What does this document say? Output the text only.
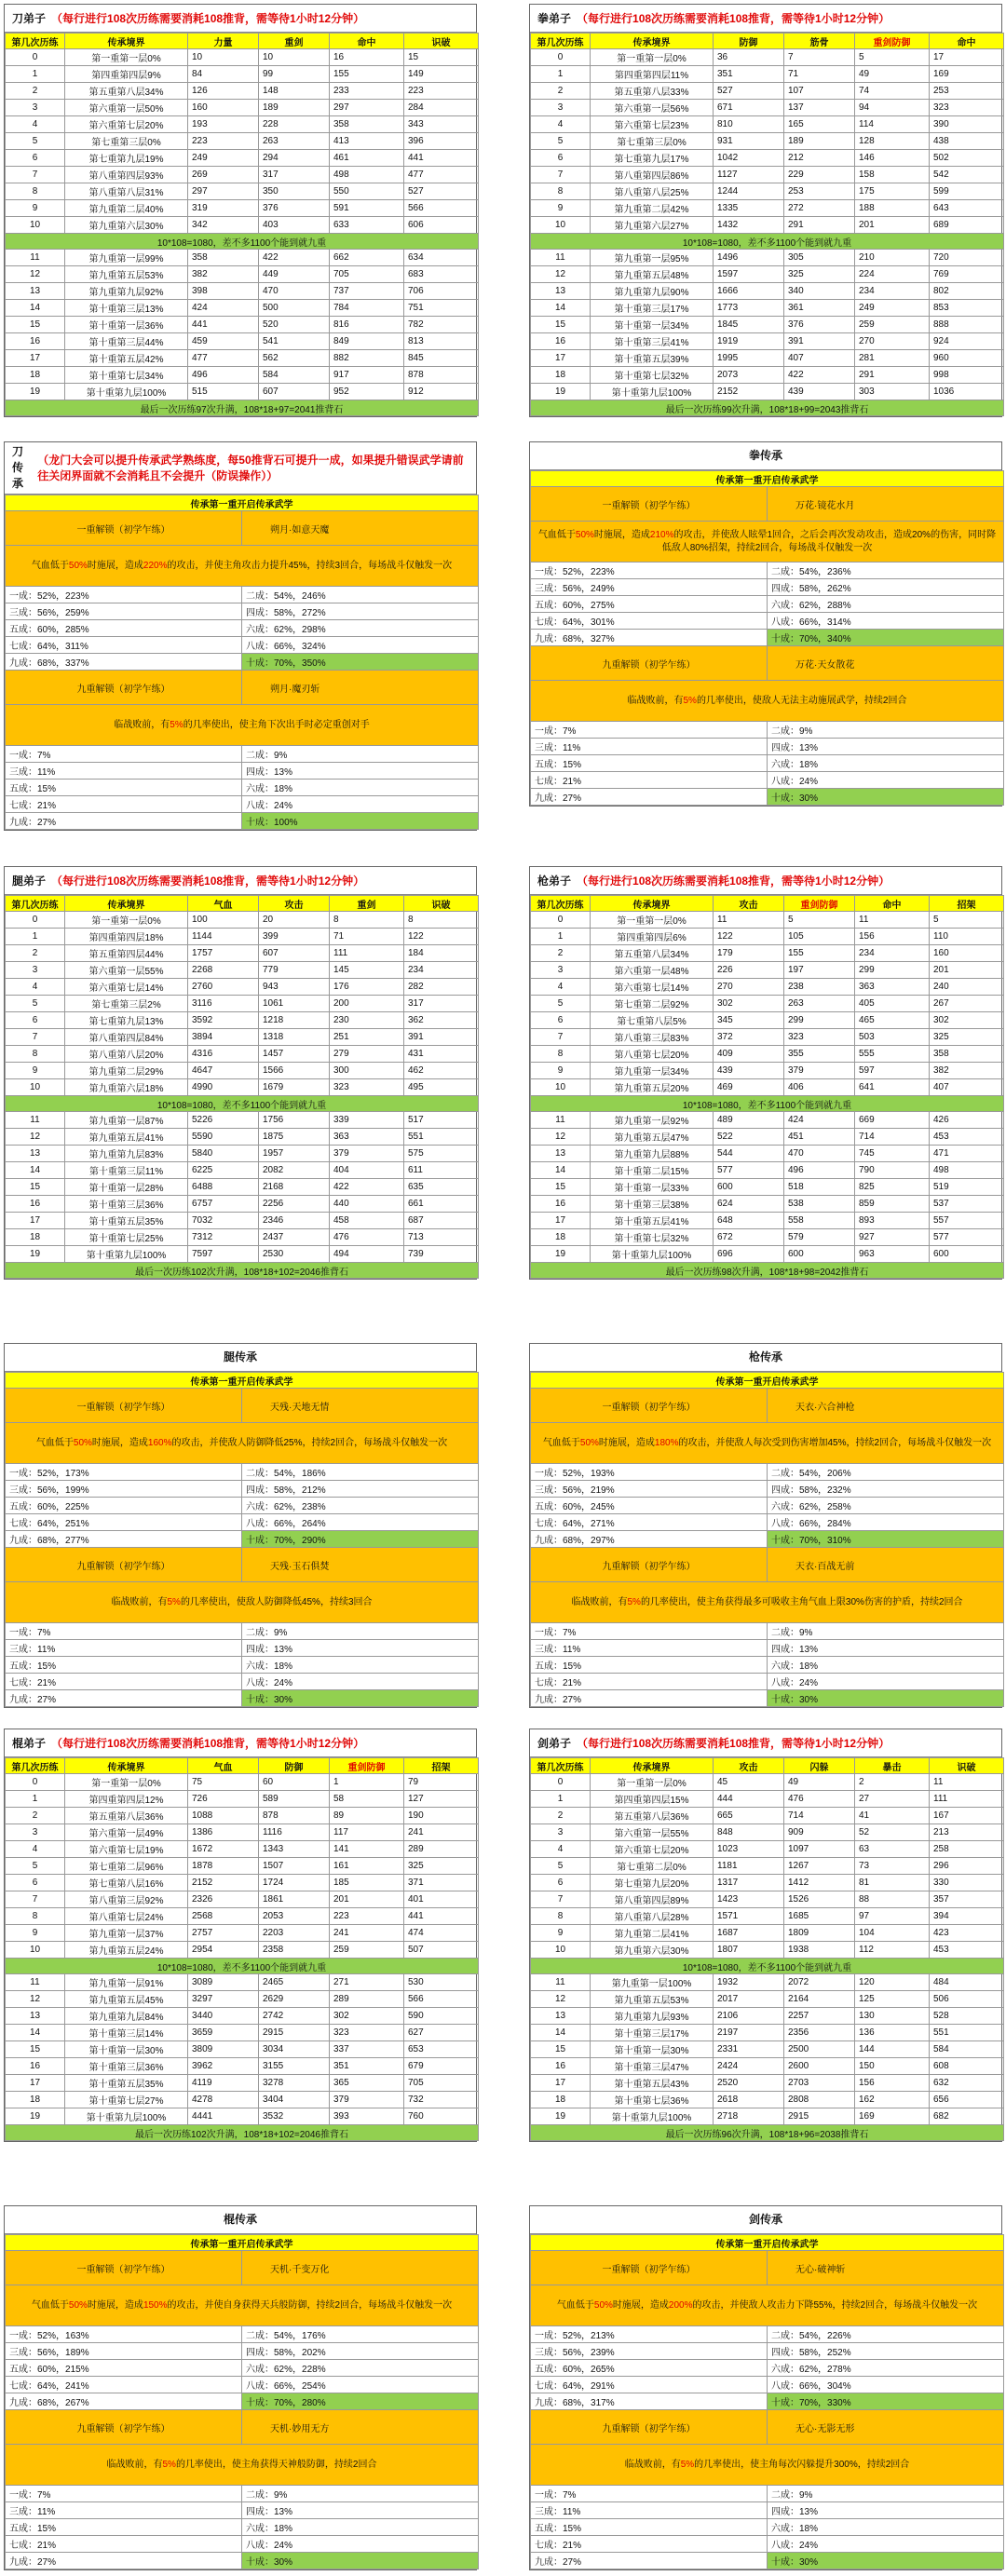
刀弟子 （每行进行108次历练需要消耗108推背，需等待1小时12分钟）
第几次历练	传承境界	力量	重剑	命中	识破
0	第一重第一层0%	10	10	16	15
1	第四重第四层9%	84	99	155	149
2	第五重第八层34%	126	148	233	223
3	第六重第一层50%	160	189	297	284
4	第六重第七层20%	193	228	358	343
5	第七重第三层0%	223	263	413	396
6	第七重第九层19%	249	294	461	441
7	第八重第四层93%	269	317	498	477
8	第八重第八层31%	297	350	550	527
9	第九重第二层40%	319	376	591	566
10	第九重第六层30%	342	403	633	606
10*108=1080，差不多1100个能到就九重					
11	第九重第一层99%	358	422	662	634
12	第九重第五层53%	382	449	705	683
13	第九重第九层92%	398	470	737	706
14	第十重第三层13%	424	500	784	751
15	第十重第一层36%	441	520	816	782
16	第十重第三层44%	459	541	849	813
17	第十重第五层42%	477	562	882	845
18	第十重第七层34%	496	584	917	878
19	第十重第九层100%	515	607	952	912
最后一次历练97次升满，108*18+97=2041推背石					
拳弟子 （每行进行108次历练需要消耗108推背，需等待1小时12分钟）
第几次历练	传承境界	防御	筋骨	重剑防御	命中
0	第一重第一层0%	36	7	5	17
1	第四重第四层11%	351	71	49	169
2	第五重第八层33%	527	107	74	253
3	第六重第一层56%	671	137	94	323
4	第六重第七层23%	810	165	114	390
5	第七重第三层0%	931	189	128	438
6	第七重第九层17%	1042	212	146	502
7	第八重第四层86%	1127	229	158	542
8	第八重第八层25%	1244	253	175	599
9	第九重第二层42%	1335	272	188	643
10	第九重第六层27%	1432	291	201	689
10*108=1080，差不多1100个能到就九重					
11	第九重第一层95%	1496	305	210	720
12	第九重第五层48%	1597	325	224	769
13	第九重第九层90%	1666	340	234	802
14	第十重第三层17%	1773	361	249	853
15	第十重第一层34%	1845	376	259	888
16	第十重第三层41%	1919	391	270	924
17	第十重第五层39%	1995	407	281	960
18	第十重第七层32%	2073	422	291	998
19	第十重第九层100%	2152	439	303	1036
最后一次历练99次升满，108*18+99=2043推背石					
腿弟子 （每行进行108次历练需要消耗108推背，需等待1小时12分钟）
第几次历练	传承境界	气血	攻击	重剑	识破
0	第一重第一层0%	100	20	8	8
1	第四重第四层18%	1144	399	71	122
2	第五重第四层44%	1757	607	111	184
3	第六重第一层55%	2268	779	145	234
4	第六重第七层14%	2760	943	176	282
5	第七重第三层2%	3116	1061	200	317
6	第七重第九层13%	3592	1218	230	362
7	第八重第四层84%	3894	1318	251	391
8	第八重第八层20%	4316	1457	279	431
9	第九重第二层29%	4647	1566	300	462
10	第九重第六层18%	4990	1679	323	495
10*108=1080，差不多1100个能到就九重					
11	第九重第一层87%	5226	1756	339	517
12	第九重第五层41%	5590	1875	363	551
13	第九重第九层83%	5840	1957	379	575
14	第十重第三层11%	6225	2082	404	611
15	第十重第一层28%	6488	2168	422	635
16	第十重第三层36%	6757	2256	440	661
17	第十重第五层35%	7032	2346	458	687
18	第十重第七层25%	7312	2437	476	713
19	第十重第九层100%	7597	2530	494	739
最后一次历练102次升满，108*18+102=2046推背石					
枪弟子 （每行进行108次历练需要消耗108推背，需等待1小时12分钟）
第几次历练	传承境界	攻击	重剑防御	命中	招架
0	第一重第一层0%	11	5	11	5
1	第四重第四层6%	122	105	156	110
2	第五重第八层34%	179	155	234	160
3	第六重第一层48%	226	197	299	201
4	第六重第七层14%	270	238	363	240
5	第七重第二层92%	302	263	405	267
6	第七重第八层5%	345	299	465	302
7	第八重第三层83%	372	323	503	325
8	第八重第七层20%	409	355	555	358
9	第九重第一层34%	439	379	597	382
10	第九重第五层20%	469	406	641	407
10*108=1080，差不多1100个能到就九重					
11	第九重第一层92%	489	424	669	426
12	第九重第五层47%	522	451	714	453
13	第九重第九层88%	544	470	745	471
14	第十重第二层15%	577	496	790	498
15	第十重第一层33%	600	518	825	519
16	第十重第三层38%	624	538	859	537
17	第十重第五层41%	648	558	893	557
18	第十重第七层32%	672	579	927	577
19	第十重第九层100%	696	600	963	600
最后一次历练98次升满，108*18+98=2042推背石					
棍弟子 （每行进行108次历练需要消耗108推背，需等待1小时12分钟）
第几次历练	传承境界	气血	防御	重剑防御	招架
0	第一重第一层0%	75	60	1	79
1	第四重第四层12%	726	589	58	127
2	第五重第八层36%	1088	878	89	190
3	第六重第一层49%	1386	1116	117	241
4	第六重第七层19%	1672	1343	141	289
5	第七重第二层96%	1878	1507	161	325
6	第七重第八层16%	2152	1724	185	371
7	第八重第三层92%	2326	1861	201	401
8	第八重第七层24%	2568	2053	223	441
9	第九重第一层37%	2757	2203	241	474
10	第九重第五层24%	2954	2358	259	507
10*108=1080，差不多1100个能到就九重					
11	第九重第一层91%	3089	2465	271	530
12	第九重第五层45%	3297	2629	289	566
13	第九重第九层84%	3440	2742	302	590
14	第十重第三层14%	3659	2915	323	627
15	第十重第一层30%	3809	3034	337	653
16	第十重第三层36%	3962	3155	351	679
17	第十重第五层35%	4119	3278	365	705
18	第十重第七层27%	4278	3404	379	732
19	第十重第九层100%	4441	3532	393	760
最后一次历练102次升满，108*18+102=2046推背石					
剑弟子 （每行进行108次历练需要消耗108推背，需等待1小时12分钟）
第几次历练	传承境界	攻击	闪躲	暴击	识破
0	第一重第一层0%	45	49	2	11
1	第四重第四层15%	444	476	27	111
2	第五重第八层36%	665	714	41	167
3	第六重第一层55%	848	909	52	213
4	第六重第七层20%	1023	1097	63	258
5	第七重第二层0%	1181	1267	73	296
6	第七重第九层20%	1317	1412	81	330
7	第八重第四层89%	1423	1526	88	357
8	第八重第八层28%	1571	1685	97	394
9	第九重第二层41%	1687	1809	104	423
10	第九重第六层30%	1807	1938	112	453
10*108=1080，差不多1100个能到就九重					
11	第九重第一层100%	1932	2072	120	484
12	第九重第五层53%	2017	2164	125	506
13	第九重第九层93%	2106	2257	130	528
14	第十重第三层17%	2197	2356	136	551
15	第十重第一层30%	2331	2500	144	584
16	第十重第三层47%	2424	2600	150	608
17	第十重第五层43%	2520	2703	156	632
18	第十重第七层36%	2618	2808	162	656
19	第十重第九层100%	2718	2915	169	682
最后一次历练96次升满，108*18+96=2038推背石					
刀传承
（龙门大会可以提升传承武学熟练度，每50推背石可提升一成，如果提升错误武学请前往关闭界面就不会消耗且不会提升（防误操作））
传承第一重开启传承武学	
一重解锁（初学乍练）	朔月·如意天魔
气血低于50%时施展，造成220%的攻击，并使主角攻击力提升45%，持续3回合，每场战斗仅触发一次	
一成：52%，223%	二成：54%，246%
三成：56%，259%	四成：58%，272%
五成：60%，285%	六成：62%，298%
七成：64%，311%	八成：66%，324%
九成：68%，337%	十成：70%，350%
九重解锁（初学乍练）	朔月·魔刃斩
临战败前，有5%的几率使出，使主角下次出手时必定重创对手	
一成：7%	二成：9%
三成：11%	四成：13%
五成：15%	六成：18%
七成：21%	八成：24%
九成：27%	十成：100%
拳传承
传承第一重开启传承武学	
一重解锁（初学乍练）	万花·镜花水月
气血低于50%时施展，造成210%的攻击，并使敌人眩晕1回合，之后会再次发动攻击，造成20%的伤害，同时降低敌人80%招架，持续2回合，每场战斗仅触发一次	
一成：52%，223%	二成：54%，236%
三成：56%，249%	四成：58%，262%
五成：60%，275%	六成：62%，288%
七成：64%，301%	八成：66%，314%
九成：68%，327%	十成：70%，340%
九重解锁（初学乍练）	万花·天女散花
临战败前，有5%的几率使出，使敌人无法主动施展武学，持续2回合	
一成：7%	二成：9%
三成：11%	四成：13%
五成：15%	六成：18%
七成：21%	八成：24%
九成：27%	十成：30%
腿传承
传承第一重开启传承武学	
一重解锁（初学乍练）	天残·天地无情
气血低于50%时施展，造成160%的攻击，并使敌人防御降低25%，持续2回合，每场战斗仅触发一次	
一成：52%，173%	二成：54%，186%
三成：56%，199%	四成：58%，212%
五成：60%，225%	六成：62%，238%
七成：64%，251%	八成：66%，264%
九成：68%，277%	十成：70%，290%
九重解锁（初学乍练）	天残·玉石俱焚
临战败前，有5%的几率使出，使敌人防御降低45%，持续3回合	
一成：7%	二成：9%
三成：11%	四成：13%
五成：15%	六成：18%
七成：21%	八成：24%
九成：27%	十成：30%
枪传承
传承第一重开启传承武学	
一重解锁（初学乍练）	天衣·六合神枪
气血低于50%时施展，造成180%的攻击，并使敌人每次受到伤害增加45%，持续2回合，每场战斗仅触发一次	
一成：52%，193%	二成：54%，206%
三成：56%，219%	四成：58%，232%
五成：60%，245%	六成：62%，258%
七成：64%，271%	八成：66%，284%
九成：68%，297%	十成：70%，310%
九重解锁（初学乍练）	天衣·百战无前
临战败前，有5%的几率使出，使主角获得最多可吸收主角气血上限30%伤害的护盾，持续2回合	
一成：7%	二成：9%
三成：11%	四成：13%
五成：15%	六成：18%
七成：21%	八成：24%
九成：27%	十成：30%
棍传承
传承第一重开启传承武学	
一重解锁（初学乍练）	天机·千变万化
气血低于50%时施展，造成150%的攻击，并使自身获得天兵般防御，持续2回合，每场战斗仅触发一次	
一成：52%，163%	二成：54%，176%
三成：56%，189%	四成：58%，202%
五成：60%，215%	六成：62%，228%
七成：64%，241%	八成：66%，254%
九成：68%，267%	十成：70%，280%
九重解锁（初学乍练）	天机·妙用无方
临战败前，有5%的几率使出，使主角获得天神般防御，持续2回合	
一成：7%	二成：9%
三成：11%	四成：13%
五成：15%	六成：18%
七成：21%	八成：24%
九成：27%	十成：30%
剑传承
传承第一重开启传承武学	
一重解锁（初学乍练）	无心·破神斩
气血低于50%时施展，造成200%的攻击，并使敌人攻击力下降55%，持续2回合，每场战斗仅触发一次	
一成：52%，213%	二成：54%，226%
三成：56%，239%	四成：58%，252%
五成：60%，265%	六成：62%，278%
七成：64%，291%	八成：66%，304%
九成：68%，317%	十成：70%，330%
九重解锁（初学乍练）	无心·无影无形
临战败前，有5%的几率使出，使主角每次闪躲提升300%，持续2回合	
一成：7%	二成：9%
三成：11%	四成：13%
五成：15%	六成：18%
七成：21%	八成：24%
九成：27%	十成：30%
